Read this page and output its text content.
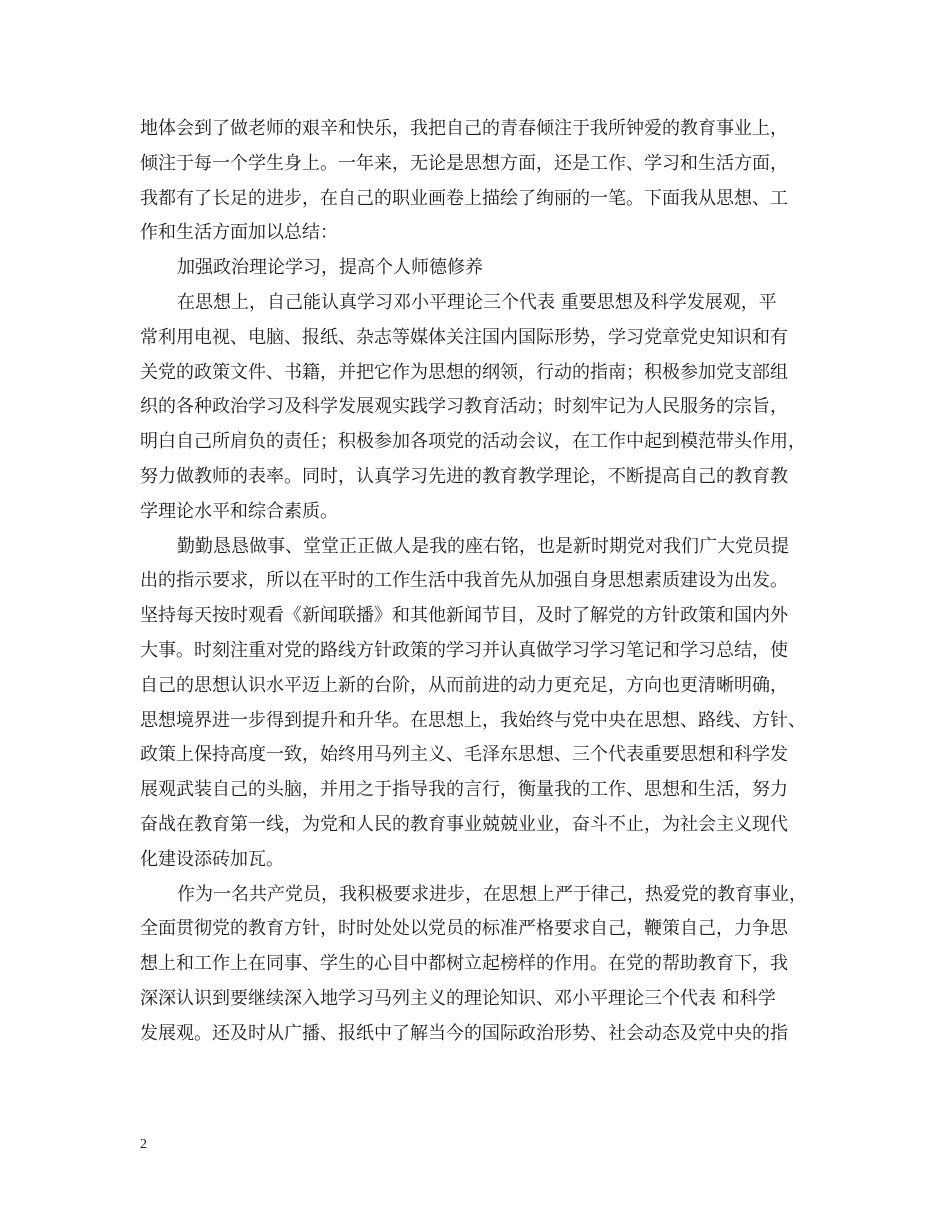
地体会到了做老师的艰辛和快乐，我把自己的青春倾注于我所钟爱的教育事业上，
倾注于每一个学生身上。一年来，无论是思想方面，还是工作、学习和生活方面，
我都有了长足的进步，在自己的职业画卷上描绘了绚丽的一笔。下面我从思想、工
作和生活方面加以总结：
加强政治理论学习，提高个人师德修养
在思想上，自己能认真学习邓小平理论三个代表 重要思想及科学发展观，平
常利用电视、电脑、报纸、杂志等媒体关注国内国际形势，学习党章党史知识和有
关党的政策文件、书籍，并把它作为思想的纲领，行动的指南；积极参加党支部组
织的各种政治学习及科学发展观实践学习教育活动；时刻牢记为人民服务的宗旨，
明白自己所肩负的责任；积极参加各项党的活动会议，在工作中起到模范带头作用，
努力做教师的表率。同时，认真学习先进的教育教学理论，不断提高自己的教育教
学理论水平和综合素质。
勤勤恳恳做事、堂堂正正做人是我的座右铭，也是新时期党对我们广大党员提
出的指示要求，所以在平时的工作生活中我首先从加强自身思想素质建设为出发。
坚持每天按时观看《新闻联播》和其他新闻节目，及时了解党的方针政策和国内外
大事。时刻注重对党的路线方针政策的学习并认真做学习学习笔记和学习总结，使
自己的思想认识水平迈上新的台阶，从而前进的动力更充足，方向也更清晰明确，
思想境界进一步得到提升和升华。在思想上，我始终与党中央在思想、路线、方针、
政策上保持高度一致，始终用马列主义、毛泽东思想、三个代表重要思想和科学发
展观武装自己的头脑，并用之于指导我的言行，衡量我的工作、思想和生活，努力
奋战在教育第一线，为党和人民的教育事业兢兢业业，奋斗不止，为社会主义现代
化建设添砖加瓦。
作为一名共产党员，我积极要求进步，在思想上严于律己，热爱党的教育事业，
全面贯彻党的教育方针，时时处处以党员的标准严格要求自己，鞭策自己，力争思
想上和工作上在同事、学生的心目中都树立起榜样的作用。在党的帮助教育下，我
深深认识到要继续深入地学习马列主义的理论知识、邓小平理论三个代表 和科学
发展观。还及时从广播、报纸中了解当今的国际政治形势、社会动态及党中央的指
2
